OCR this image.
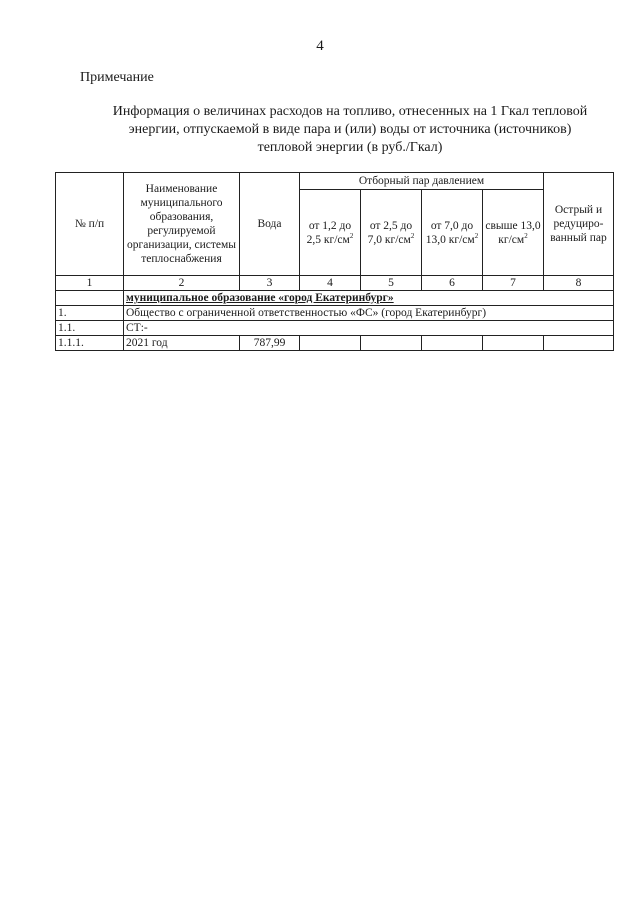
4
Примечание
Информация о величинах расходов на топливо, отнесенных на 1 Гкал тепловой
энергии, отпускаемой в виде пара и (или) воды от источника (источников)
тепловой энергии (в руб./Гкал)
№ п/п	Наименование муниципального образования, регулируемой организации, системы теплоснабжения	Вода	Отборный пар давлением				Острый и редуциро-ванный пар
			от 1,2 до 2,5 $кг/см^2$	от 2,5 до 7,0 $кг/см^2$	от 7,0 до 13,0 $кг/см^2$	свыше 13,0 $кг/см^2$
1	2	3	4	5	6	7	8
	муниципальное образование «город Екатеринбург»						
1.	Общество с ограниченной ответственностью «ФС» (город Екатеринбург)						
1.1.	СТ:-						
1.1.1.	2021 год	787,99					
